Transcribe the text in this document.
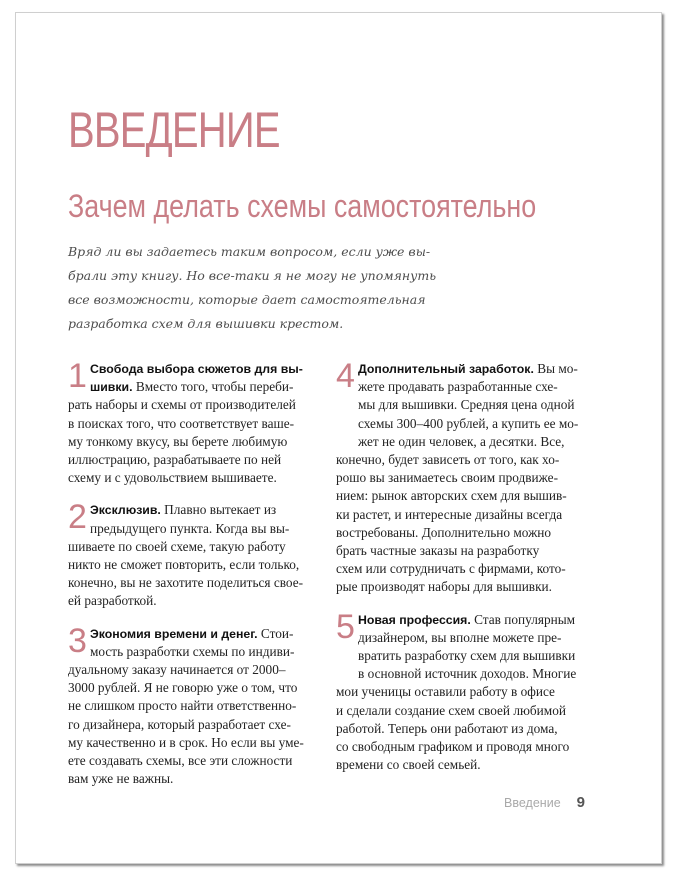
ВВЕДЕНИЕ
Зачем делать схемы самостоятельно
Вряд ли вы задаетесь таким вопросом, если уже вы-
брали эту книгу. Но все-таки я не могу не упомянуть
все возможности, которые дает самостоятельная
разработка схем для вышивки крестом.
1 Свобода выбора сюжетов для вы-
шивки. Вместо того, чтобы переби-
рать наборы и схемы от производителей
в поисках того, что соответствует ваше-
му тонкому вкусу, вы берете любимую
иллюстрацию, разрабатываете по ней
схему и с удовольствием вышиваете.
2 Эксклюзив. Плавно вытекает из
предыдущего пункта. Когда вы вы-
шиваете по своей схеме, такую работу
никто не сможет повторить, если только,
конечно, вы не захотите поделиться свое-
ей разработкой.
3 Экономия времени и денег. Стои-
мость разработки схемы по индиви-
дуальному заказу начинается от 2000–
3000 рублей. Я не говорю уже о том, что
не слишком просто найти ответственно-
го дизайнера, который разработает схе-
му качественно и в срок. Но если вы уме-
ете создавать схемы, все эти сложности
вам уже не важны.
4 Дополнительный заработок. Вы мо-
жете продавать разработанные схе-
мы для вышивки. Средняя цена одной
схемы 300–400 рублей, а купить ее мо-
жет не один человек, а десятки. Все,
конечно, будет зависеть от того, как хо-
рошо вы занимаетесь своим продвиже-
нием: рынок авторских схем для вышив-
ки растет, и интересные дизайны всегда
востребованы. Дополнительно можно
брать частные заказы на разработку
схем или сотрудничать с фирмами, кото-
рые производят наборы для вышивки.
5 Новая профессия. Став популярным
дизайнером, вы вполне можете пре-
вратить разработку схем для вышивки
в основной источник доходов. Многие
мои ученицы оставили работу в офисе
и сделали создание схем своей любимой
работой. Теперь они работают из дома,
со свободным графиком и проводя много
времени со своей семьей.
Введение 9
